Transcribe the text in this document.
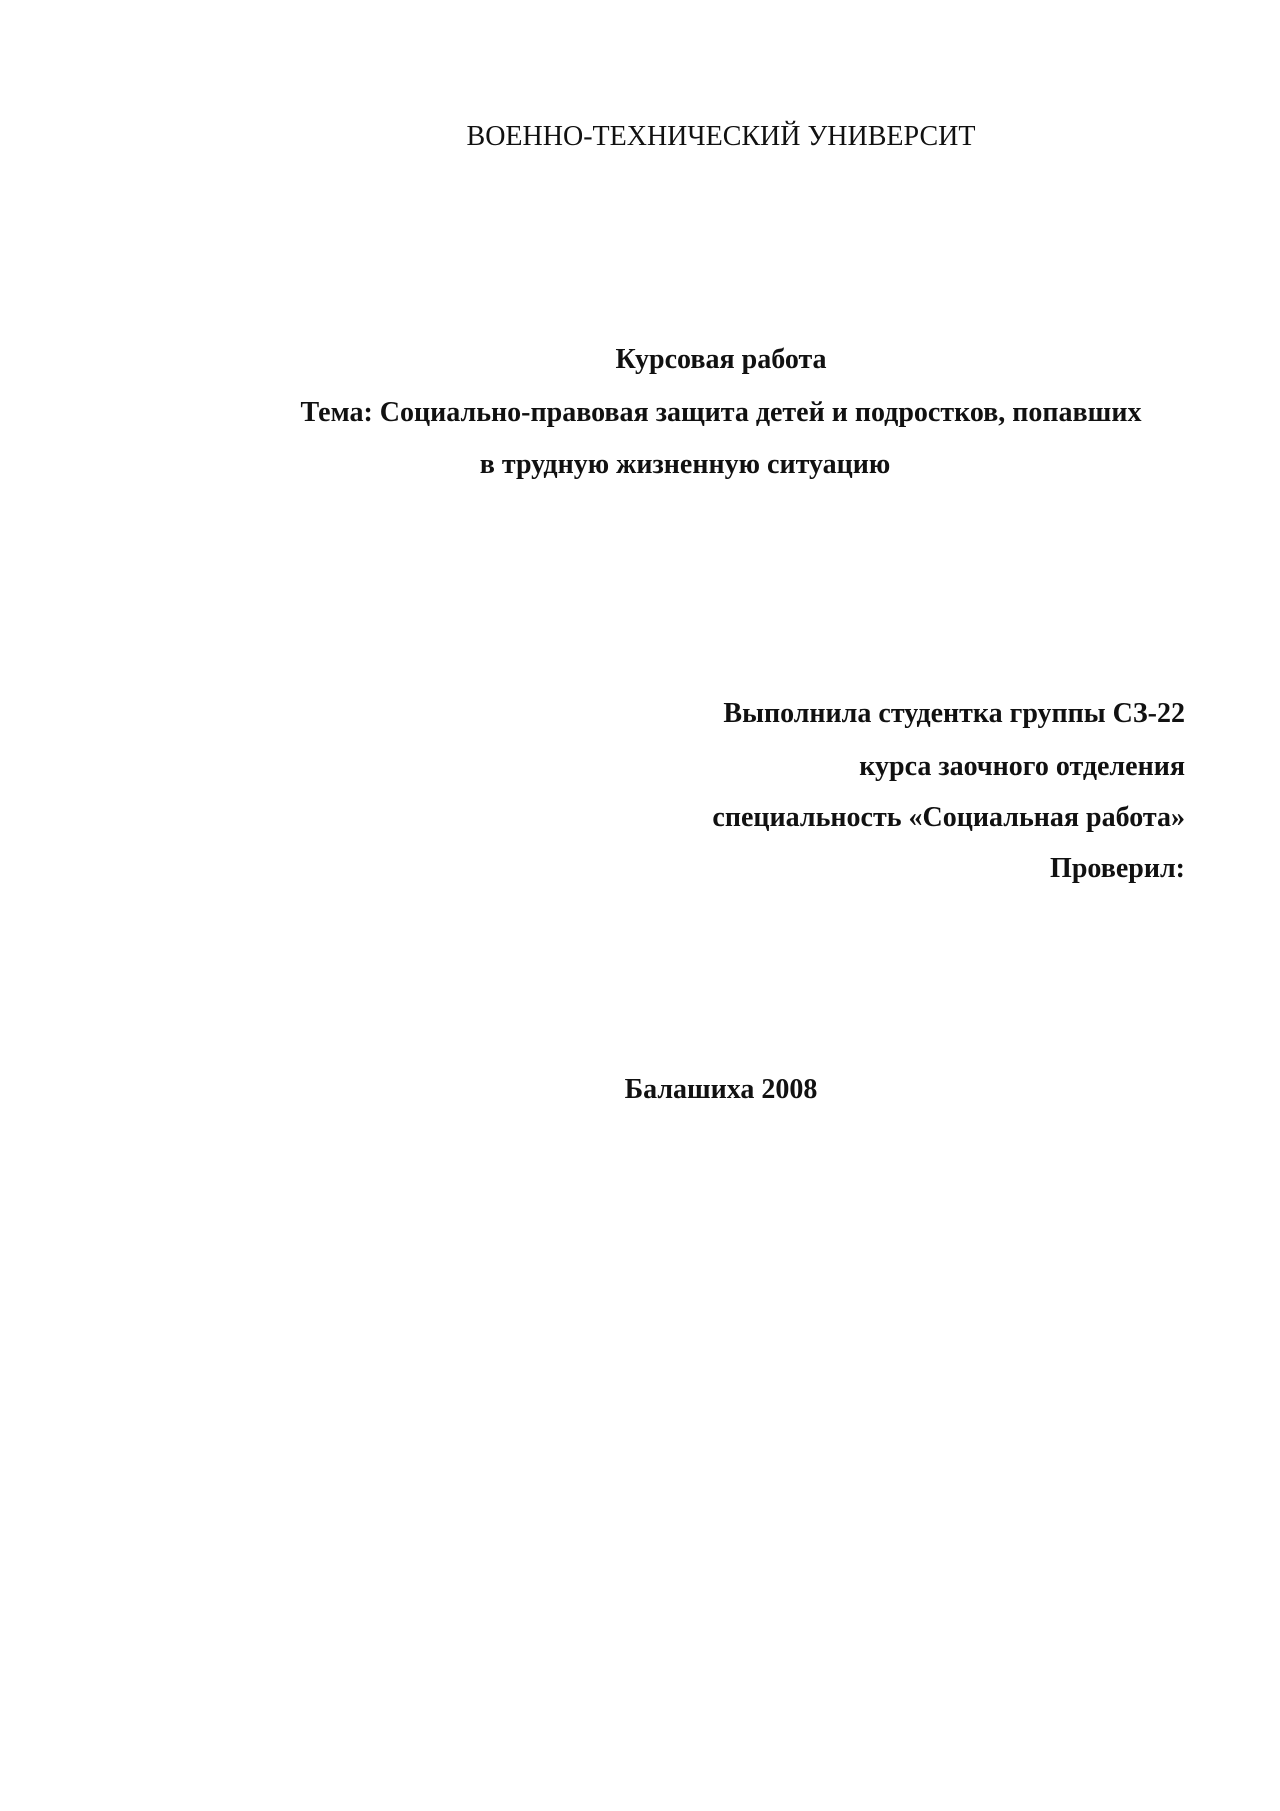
ВОЕННО-ТЕХНИЧЕСКИЙ УНИВЕРСИТ
Курсовая работа
Тема: Социально-правовая защита детей и подростков, попавших
в трудную жизненную ситуацию
Выполнила студентка группы СЗ-22
курса заочного отделения
специальность «Социальная работа»
Проверил:
Балашиха 2008
